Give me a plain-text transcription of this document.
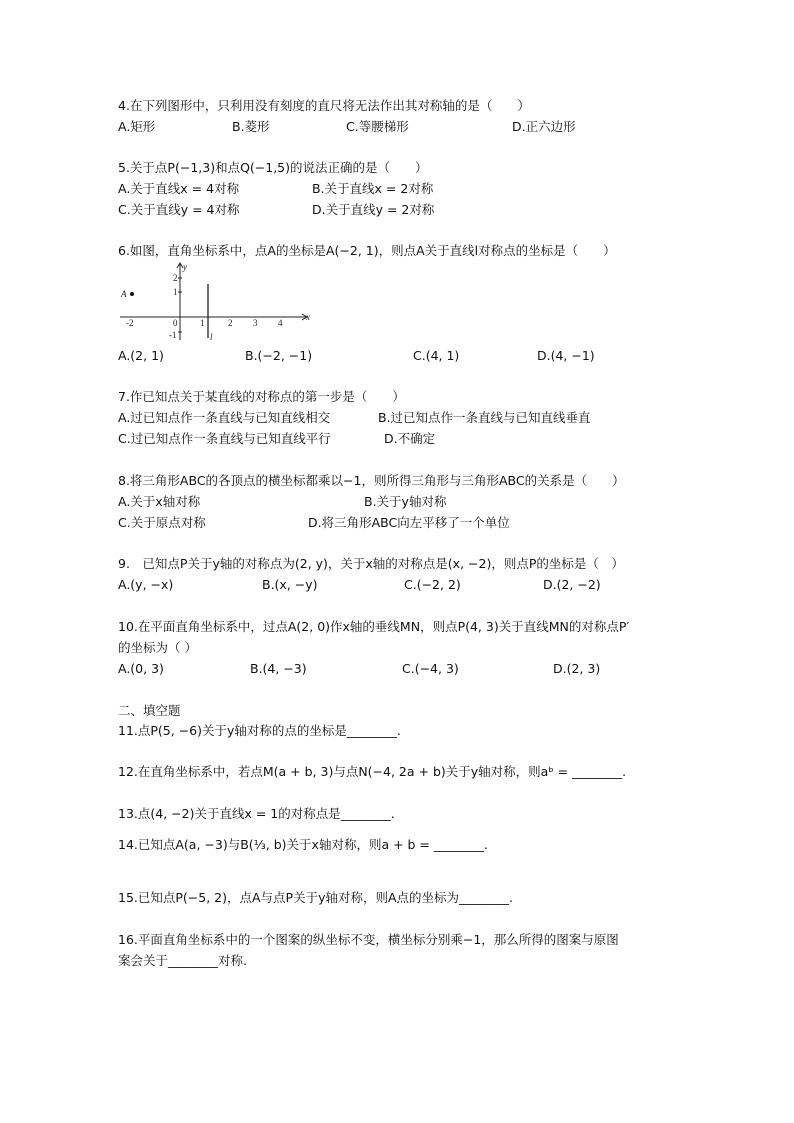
4.在下列图形中，只利用没有刻度的直尺将无法作出其对称轴的是（　　）
A.矩形	B.菱形	C.等腰梯形	D.正六边形
5.关于点P(−1,3)和点Q(−1,5)的说法正确的是（　　）
A.关于直线x = 4对称	B.关于直线x = 2对称
C.关于直线y = 4对称	D.关于直线y = 2对称
6.如图，直角坐标系中，点A的坐标是A(−2, 1)，则点A关于直线l对称点的坐标是（　　）
A
y
x
l
2
1
-1
-2	0	1	2 3 4
A.(2, 1)	B.(−2, −1)	C.(4, 1)	D.(4, −1)
7.作已知点关于某直线的对称点的第一步是（　　）
A.过已知点作一条直线与已知直线相交	B.过已知点作一条直线与已知直线垂直
C.过已知点作一条直线与已知直线平行	D.不确定
8.将三角形ABC的各顶点的横坐标都乘以−1，则所得三角形与三角形ABC的关系是（　　）
A.关于x轴对称	B.关于y轴对称
C.关于原点对称	D.将三角形ABC向左平移了一个单位
9.　已知点P关于y轴的对称点为(2, y)，关于x轴的对称点是(x, −2)，则点P的坐标是（　）
A.(y, −x)	B.(x, −y)	C.(−2, 2)	D.(2, −2)
10.在平面直角坐标系中，过点A(2, 0)作x轴的垂线MN，则点P(4, 3)关于直线MN的对称点P′
的坐标为（ ）
A.(0, 3)	B.(4, −3)	C.(−4, 3)	D.(2, 3)
二、填空题
11.点P(5, −6)关于y轴对称的点的坐标是________.
12.在直角坐标系中，若点M(a + b, 3)与点N(−4, 2a + b)关于y轴对称，则aᵇ = ________.
13.点(4, −2)关于直线x = 1的对称点是________.
14.已知点A(a, −3)与B(⅓, b)关于x轴对称，则a + b = ________.
15.已知点P(−5, 2)，点A与点P关于y轴对称，则A点的坐标为________.
16.平面直角坐标系中的一个图案的纵坐标不变，横坐标分别乘−1，那么所得的图案与原图
案会关于________对称.
